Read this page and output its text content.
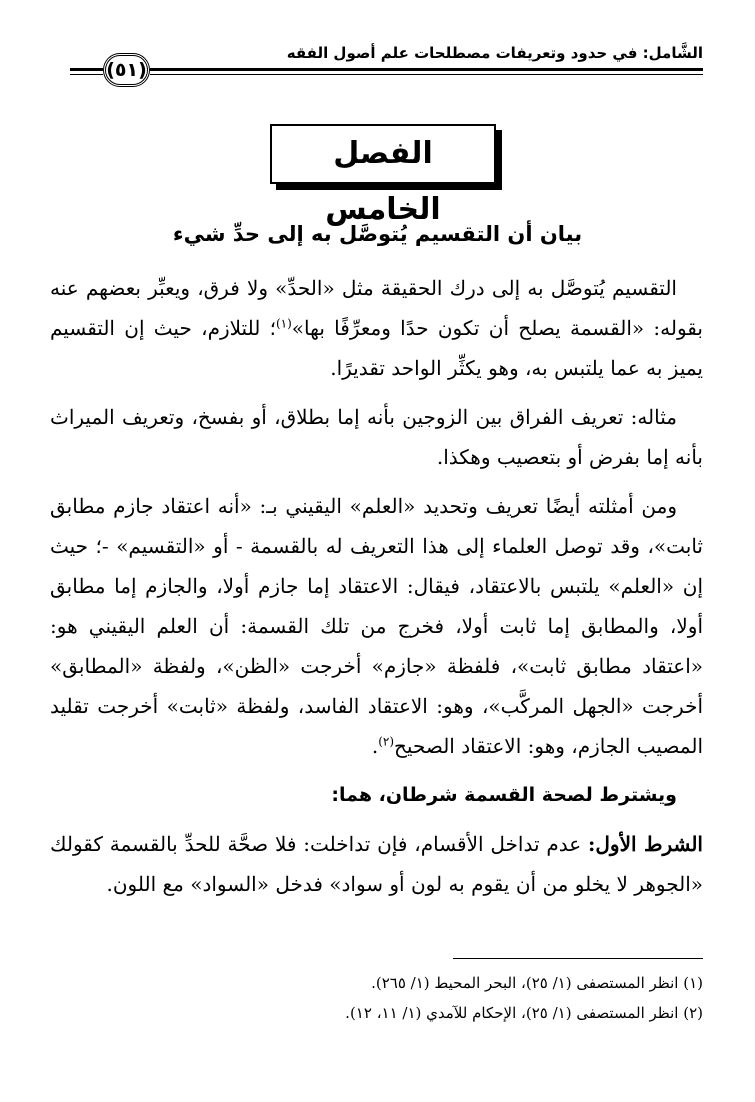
الشَّامل: في حدود وتعريفات مصطلحات علم أصول الفقه
(٥١)
الفصل الخامس
بيان أن التقسيم يُتوصَّل به إلى حدِّ شيء

التقسيم يُتوصَّل به إلى درك الحقيقة مثل «الحدِّ» ولا فرق، ويعبِّر بعضهم عنه بقوله: «القسمة يصلح أن تكون حدًا ومعرِّفًا بها»$^{(١)}$؛ للتلازم، حيث إن التقسيم يميز به عما يلتبس به، وهو يكثِّر الواحد تقديرًا.

مثاله: تعريف الفراق بين الزوجين بأنه إما بطلاق، أو بفسخ، وتعريف الميراث بأنه إما بفرض أو بتعصيب وهكذا.

ومن أمثلته أيضًا تعريف وتحديد «العلم» اليقيني بـ: «أنه اعتقاد جازم مطابق ثابت»، وقد توصل العلماء إلى هذا التعريف له بالقسمة - أو «التقسيم» -؛ حيث إن «العلم» يلتبس بالاعتقاد، فيقال: الاعتقاد إما جازم أولا، والجازم إما مطابق أولا، والمطابق إما ثابت أولا، فخرج من تلك القسمة: أن العلم اليقيني هو: «اعتقاد مطابق ثابت»، فلفظة «جازم» أخرجت «الظن»، ولفظة «المطابق» أخرجت «الجهل المركَّب»، وهو: الاعتقاد الفاسد، ولفظة «ثابت» أخرجت تقليد المصيب الجازم، وهو: الاعتقاد الصحيح$^{(٢)}$.

ويشترط لصحة القسمة شرطان، هما:

الشرط الأول: عدم تداخل الأقسام، فإن تداخلت: فلا صحَّة للحدِّ بالقسمة كقولك «الجوهر لا يخلو من أن يقوم به لون أو سواد» فدخل «السواد» مع اللون.

(١) انظر المستصفى (١/ ٢٥)، البحر المحيط (١/ ٢٦٥).
(٢) انظر المستصفى (١/ ٢٥)، الإحكام للآمدي (١/ ١١، ١٢).
